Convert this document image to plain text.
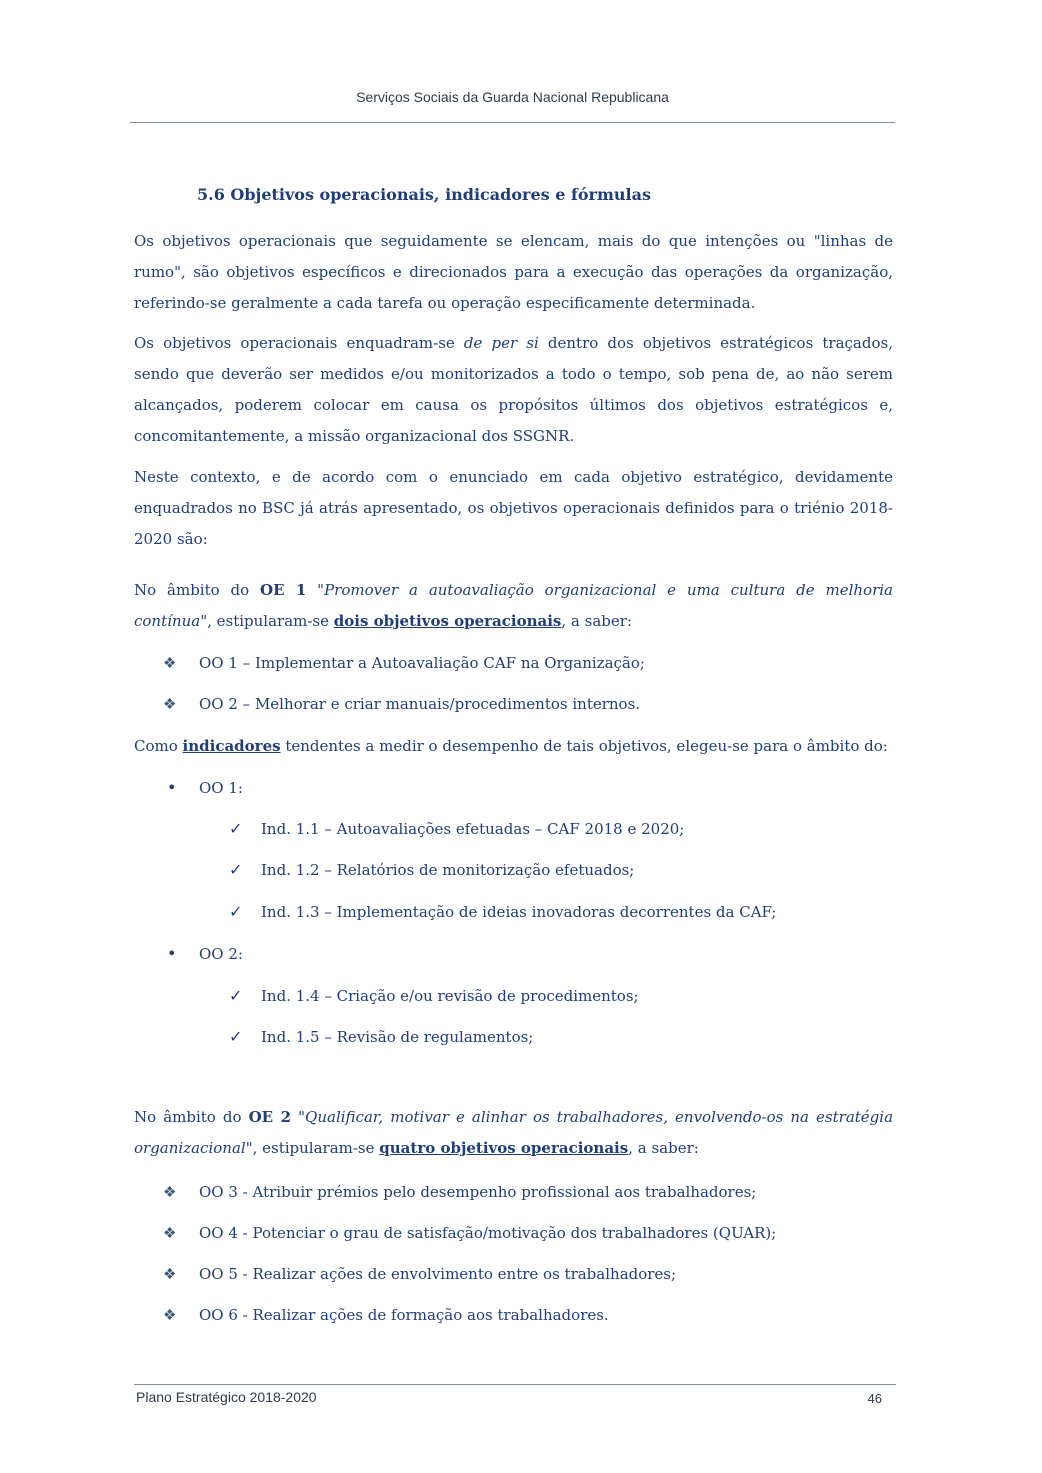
Serviços Sociais da Guarda Nacional Republicana
5.6 Objetivos operacionais, indicadores e fórmulas

Os objetivos operacionais que seguidamente se elencam, mais do que intenções ou "linhas de rumo", são objetivos específicos e direcionados para a execução das operações da organização, referindo-se geralmente a cada tarefa ou operação especificamente determinada.

Os objetivos operacionais enquadram-se de per si dentro dos objetivos estratégicos traçados, sendo que deverão ser medidos e/ou monitorizados a todo o tempo, sob pena de, ao não serem alcançados, poderem colocar em causa os propósitos últimos dos objetivos estratégicos e, concomitantemente, a missão organizacional dos SSGNR.

Neste contexto, e de acordo com o enunciado em cada objetivo estratégico, devidamente enquadrados no BSC já atrás apresentado, os objetivos operacionais definidos para o triénio 2018-2020 são:

No âmbito do OE 1 "Promover a autoavaliação organizacional e uma cultura de melhoria contínua", estipularam-se dois objetivos operacionais, a saber:

❖ OO 1 – Implementar a Autoavaliação CAF na Organização;
❖ OO 2 – Melhorar e criar manuais/procedimentos internos.

Como indicadores tendentes a medir o desempenho de tais objetivos, elegeu-se para o âmbito do:

• OO 1:
✓ Ind. 1.1 – Autoavaliações efetuadas – CAF 2018 e 2020;
✓ Ind. 1.2 – Relatórios de monitorização efetuados;
✓ Ind. 1.3 – Implementação de ideias inovadoras decorrentes da CAF;
• OO 2:
✓ Ind. 1.4 – Criação e/ou revisão de procedimentos;
✓ Ind. 1.5 – Revisão de regulamentos;

No âmbito do OE 2 "Qualificar, motivar e alinhar os trabalhadores, envolvendo-os na estratégia organizacional", estipularam-se quatro objetivos operacionais, a saber:

❖ OO 3 - Atribuir prémios pelo desempenho profissional aos trabalhadores;
❖ OO 4 - Potenciar o grau de satisfação/motivação dos trabalhadores (QUAR);
❖ OO 5 - Realizar ações de envolvimento entre os trabalhadores;
❖ OO 6 - Realizar ações de formação aos trabalhadores.
Plano Estratégico 2018-2020	46
